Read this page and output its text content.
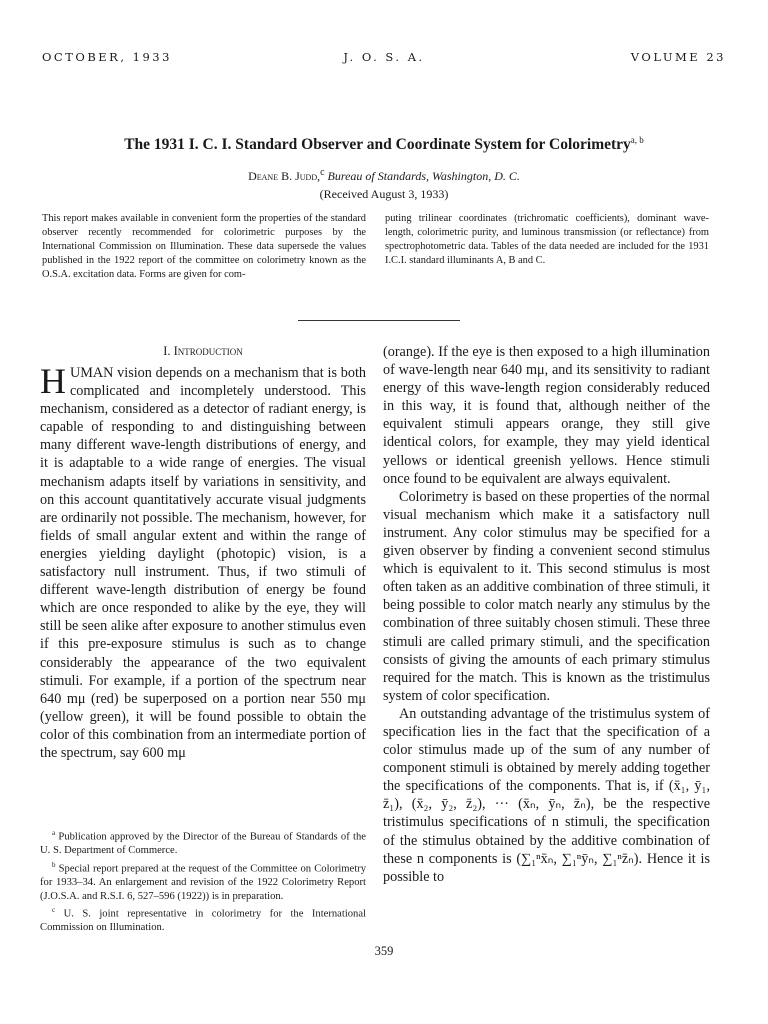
OCTOBER, 1933	J. O. S. A.	VOLUME 23
The 1931 I. C. I. Standard Observer and Coordinate System for Colorimetry$^{a, b}$
Deane B. Judd,$^c$ Bureau of Standards, Washington, D. C.
(Received August 3, 1933)
This report makes available in convenient form the properties of the standard observer recently recommended for colorimetric purposes by the International Commission on Illumination. These data supersede the values published in the 1922 report of the committee on colorimetry known as the O.S.A. excitation data. Forms are given for com-
puting trilinear coordinates (trichromatic coefficients), dominant wave-length, colorimetric purity, and luminous transmission (or reflectance) from spectrophotometric data. Tables of the data needed are included for the 1931 I.C.I. standard illuminants A, B and C.
I. Introduction

HUMAN vision depends on a mechanism that is both complicated and incompletely understood. This mechanism, considered as a detector of radiant energy, is capable of responding to and distinguishing between many different wave-length distributions of energy, and it is adaptable to a wide range of energies. The visual mechanism adapts itself by variations in sensitivity, and on this account quantitatively accurate visual judgments are ordinarily not possible. The mechanism, however, for fields of small angular extent and within the range of energies yielding daylight (photopic) vision, is a satisfactory null instrument. Thus, if two stimuli of different wave-length distribution of energy be found which are once responded to alike by the eye, they will still be seen alike after exposure to another stimulus even if this pre-exposure stimulus is such as to change considerably the appearance of the two equivalent stimuli. For example, if a portion of the spectrum near 640 mμ (red) be superposed on a portion near 550 mμ (yellow green), it will be found possible to obtain the color of this combination from an intermediate portion of the spectrum, say 600 mμ

(orange). If the eye is then exposed to a high illumination of wave-length near 640 mμ, and its sensitivity to radiant energy of this wave-length region considerably reduced in this way, it is found that, although neither of the equivalent stimuli appears orange, they still give identical colors, for example, they may yield identical yellows or identical greenish yellows. Hence stimuli once found to be equivalent are always equivalent.

Colorimetry is based on these properties of the normal visual mechanism which make it a satisfactory null instrument. Any color stimulus may be specified for a given observer by finding a convenient second stimulus which is equivalent to it. This second stimulus is most often taken as an additive combination of three stimuli, it being possible to color match nearly any stimulus by the combination of three suitably chosen stimuli. These three stimuli are called primary stimuli, and the specification consists of giving the amounts of each primary stimulus required for the match. This is known as the tristimulus system of color specification.

An outstanding advantage of the tristimulus system of specification lies in the fact that the specification of a color stimulus made up of the sum of any number of component stimuli is obtained by merely adding together the specifications of the components. That is, if (x̄₁, ȳ₁, z̄₁), (x̄₂, ȳ₂, z̄₂), ··· (x̄ₙ, ȳₙ, z̄ₙ), be the respective tristimulus specifications of n stimuli, the specification of the stimulus obtained by the additive combination of these n components is (∑₁ⁿx̄ₙ, ∑₁ⁿȳₙ, ∑₁ⁿz̄ₙ). Hence it is possible to

$^a$ Publication approved by the Director of the Bureau of Standards of the U. S. Department of Commerce.

$^b$ Special report prepared at the request of the Committee on Colorimetry for 1933–34. An enlargement and revision of the 1922 Colorimetry Report (J.O.S.A. and R.S.I. 6, 527–596 (1922)) is in preparation.

$^c$ U. S. joint representative in colorimetry for the International Commission on Illumination.

359
